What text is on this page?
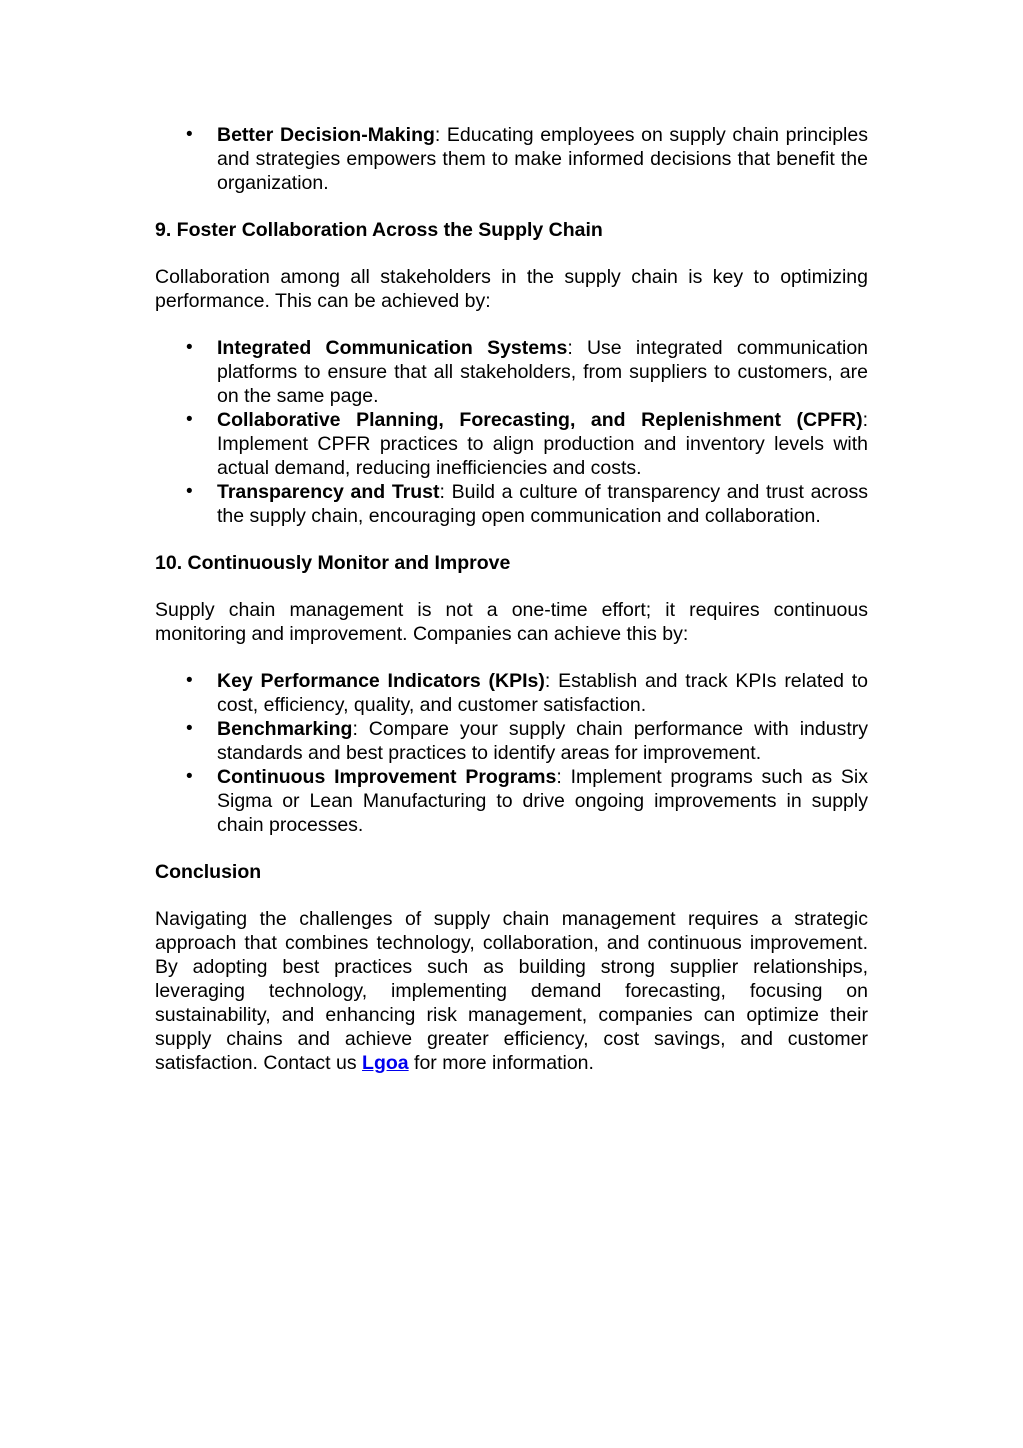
• Better Decision-Making: Educating employees on supply chain principles and strategies empowers them to make informed decisions that benefit the organization.

9. Foster Collaboration Across the Supply Chain

Collaboration among all stakeholders in the supply chain is key to optimizing performance. This can be achieved by:

• Integrated Communication Systems: Use integrated communication platforms to ensure that all stakeholders, from suppliers to customers, are on the same page.
• Collaborative Planning, Forecasting, and Replenishment (CPFR): Implement CPFR practices to align production and inventory levels with actual demand, reducing inefficiencies and costs.
• Transparency and Trust: Build a culture of transparency and trust across the supply chain, encouraging open communication and collaboration.

10. Continuously Monitor and Improve

Supply chain management is not a one-time effort; it requires continuous monitoring and improvement. Companies can achieve this by:

• Key Performance Indicators (KPIs): Establish and track KPIs related to cost, efficiency, quality, and customer satisfaction.
• Benchmarking: Compare your supply chain performance with industry standards and best practices to identify areas for improvement.
• Continuous Improvement Programs: Implement programs such as Six Sigma or Lean Manufacturing to drive ongoing improvements in supply chain processes.

Conclusion

Navigating the challenges of supply chain management requires a strategic approach that combines technology, collaboration, and continuous improvement. By adopting best practices such as building strong supplier relationships, leveraging technology, implementing demand forecasting, focusing on sustainability, and enhancing risk management, companies can optimize their supply chains and achieve greater efficiency, cost savings, and customer satisfaction. Contact us Lgoa for more information.
